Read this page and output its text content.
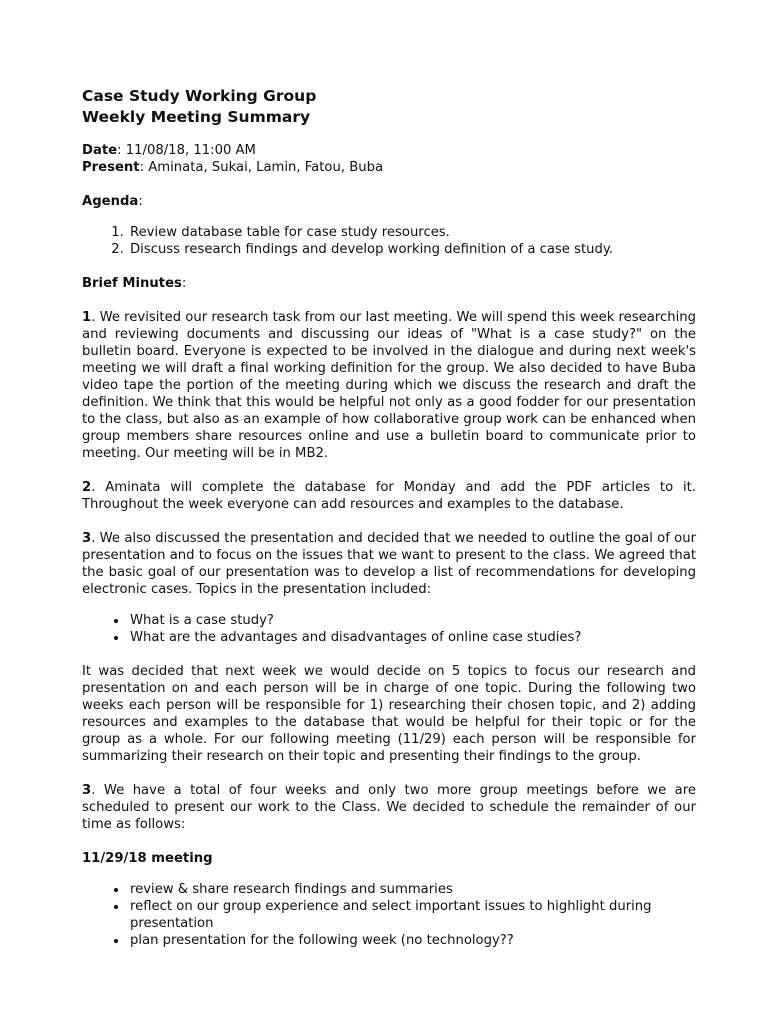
Case Study Working Group
Weekly Meeting Summary
Date: 11/08/18, 11:00 AM
Present: Aminata, Sukai, Lamin, Fatou, Buba
Agenda:
1. Review database table for case study resources.
2. Discuss research findings and develop working definition of a case study.
Brief Minutes:

1. We revisited our research task from our last meeting. We will spend this week researching and reviewing documents and discussing our ideas of "What is a case study?" on the bulletin board. Everyone is expected to be involved in the dialogue and during next week's meeting we will draft a final working definition for the group. We also decided to have Buba video tape the portion of the meeting during which we discuss the research and draft the definition. We think that this would be helpful not only as a good fodder for our presentation to the class, but also as an example of how collaborative group work can be enhanced when group members share resources online and use a bulletin board to communicate prior to meeting. Our meeting will be in MB2.

2. Aminata will complete the database for Monday and add the PDF articles to it. Throughout the week everyone can add resources and examples to the database.

3. We also discussed the presentation and decided that we needed to outline the goal of our presentation and to focus on the issues that we want to present to the class. We agreed that the basic goal of our presentation was to develop a list of recommendations for developing electronic cases. Topics in the presentation included:

• What is a case study?
• What are the advantages and disadvantages of online case studies?

It was decided that next week we would decide on 5 topics to focus our research and presentation on and each person will be in charge of one topic. During the following two weeks each person will be responsible for 1) researching their chosen topic, and 2) adding resources and examples to the database that would be helpful for their topic or for the group as a whole. For our following meeting (11/29) each person will be responsible for summarizing their research on their topic and presenting their findings to the group.

3. We have a total of four weeks and only two more group meetings before we are scheduled to present our work to the Class. We decided to schedule the remainder of our time as follows:

11/29/18 meeting
• review & share research findings and summaries
• reflect on our group experience and select important issues to highlight during presentation
• plan presentation for the following week (no technology??
